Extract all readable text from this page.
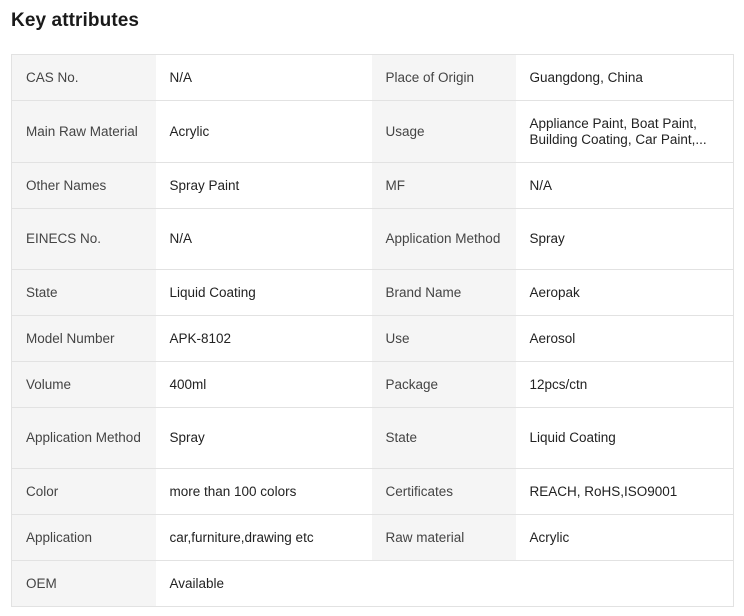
Key attributes
CAS No.	N/A	Place of Origin	Guangdong, China
Main Raw Material	Acrylic	Usage	Appliance Paint, Boat Paint, Building Coating, Car Paint,...
Other Names	Spray Paint	MF	N/A
EINECS No.	N/A	Application Method	Spray
State	Liquid Coating	Brand Name	Aeropak
Model Number	APK-8102	Use	Aerosol
Volume	400ml	Package	12pcs/ctn
Application Method	Spray	State	Liquid Coating
Color	more than 100 colors	Certificates	REACH, RoHS,ISO9001
Application	car,furniture,drawing etc	Raw material	Acrylic
OEM	Available		
